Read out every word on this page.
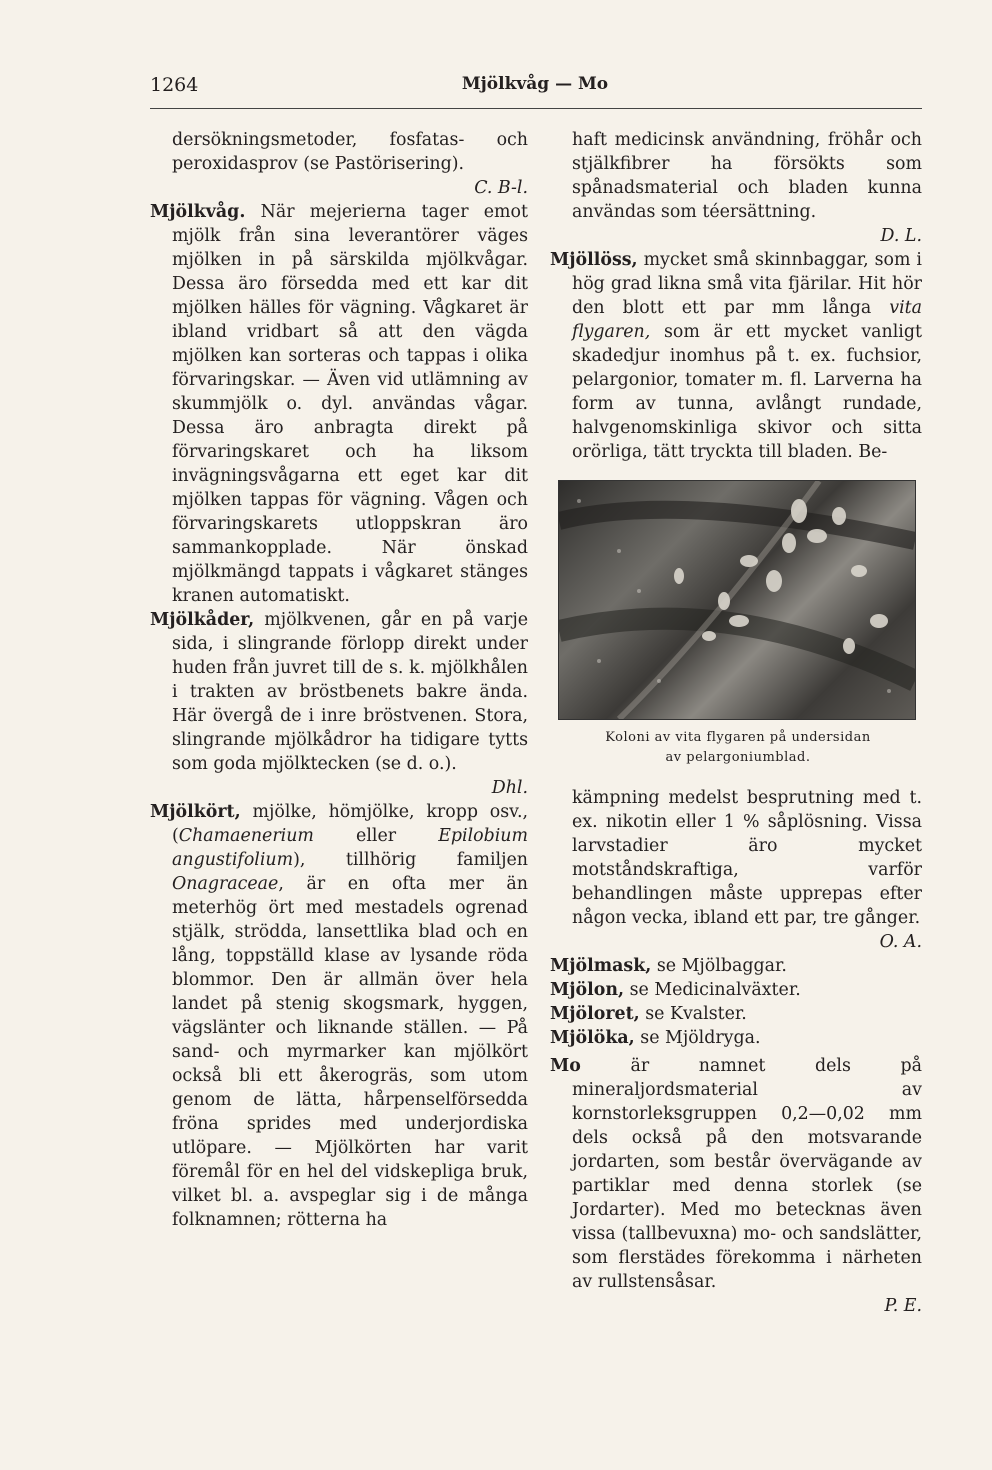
1264	Mjölkvåg — Mo

dersökningsmetoder, fosfatas- och peroxidasprov (se Pastörisering).

C. B-l.

Mjölkvåg. När mejerierna tager emot mjölk från sina leverantörer väges mjölken in på särskilda mjölkvågar. Dessa äro försedda med ett kar dit mjölken hälles för vägning. Vågkaret är ibland vridbart så att den vägda mjölken kan sorteras och tappas i olika förvaringskar. — Även vid utlämning av skummjölk o. dyl. användas vågar. Dessa äro anbragta direkt på förvaringskaret och ha liksom invägningsvågarna ett eget kar dit mjölken tappas för vägning. Vågen och förvaringskarets utloppskran äro sammankopplade. När önskad mjölkmängd tappats i vågkaret stänges kranen automatiskt.

Mjölkåder, mjölkvenen, går en på varje sida, i slingrande förlopp direkt under huden från juvret till de s. k. mjölkhålen i trakten av bröstbenets bakre ända. Här övergå de i inre bröstvenen. Stora, slingrande mjölkådror ha tidigare tytts som goda mjölktecken (se d. o.).

Dhl.

Mjölkört, mjölke, hömjölke, kropp osv., (Chamaenerium eller Epilobium angustifolium), tillhörig familjen Onagraceae, är en ofta mer än meterhög ört med mestadels ogrenad stjälk, strödda, lansettlika blad och en lång, toppställd klase av lysande röda blommor. Den är allmän över hela landet på stenig skogsmark, hyggen, vägslänter och liknande ställen. — På sand- och myrmarker kan mjölkört också bli ett åkerogräs, som utom genom de lätta, hårpenselförsedda fröna sprides med underjordiska utlöpare. — Mjölkörten har varit föremål för en hel del vidskepliga bruk, vilket bl. a. avspeglar sig i de många folknamnen; rötterna ha

haft medicinsk användning, fröhår och stjälkfibrer ha försökts som spånadsmaterial och bladen kunna användas som téersättning.

D. L.

Mjöllöss, mycket små skinnbaggar, som i hög grad likna små vita fjärilar. Hit hör den blott ett par mm långa vita flygaren, som är ett mycket vanligt skadedjur inomhus på t. ex. fuchsior, pelargonior, tomater m. fl. Larverna ha form av tunna, avlångt rundade, halvgenomskinliga skivor och sitta orörliga, tätt tryckta till bladen. Be-

Koloni av vita flygaren på undersidan
av pelargoniumblad.

kämpning medelst besprutning med t. ex. nikotin eller 1 % såplösning. Vissa larvstadier äro mycket motståndskraftiga, varför behandlingen måste upprepas efter någon vecka, ibland ett par, tre gånger.

O. A.

Mjölmask, se Mjölbaggar.

Mjölon, se Medicinalväxter.

Mjöloret, se Kvalster.

Mjölöka, se Mjöldryga.

Mo	är namnet dels på mineraljordsmaterial av kornstorleksgruppen 0,2—0,02 mm dels också på den motsvarande jordarten, som består övervägande av partiklar med denna storlek (se Jordarter). Med mo betecknas även vissa (tallbevuxna) mo- och sandslätter, som flerstädes förekomma i närheten av rullstensåsar.

P. E.
